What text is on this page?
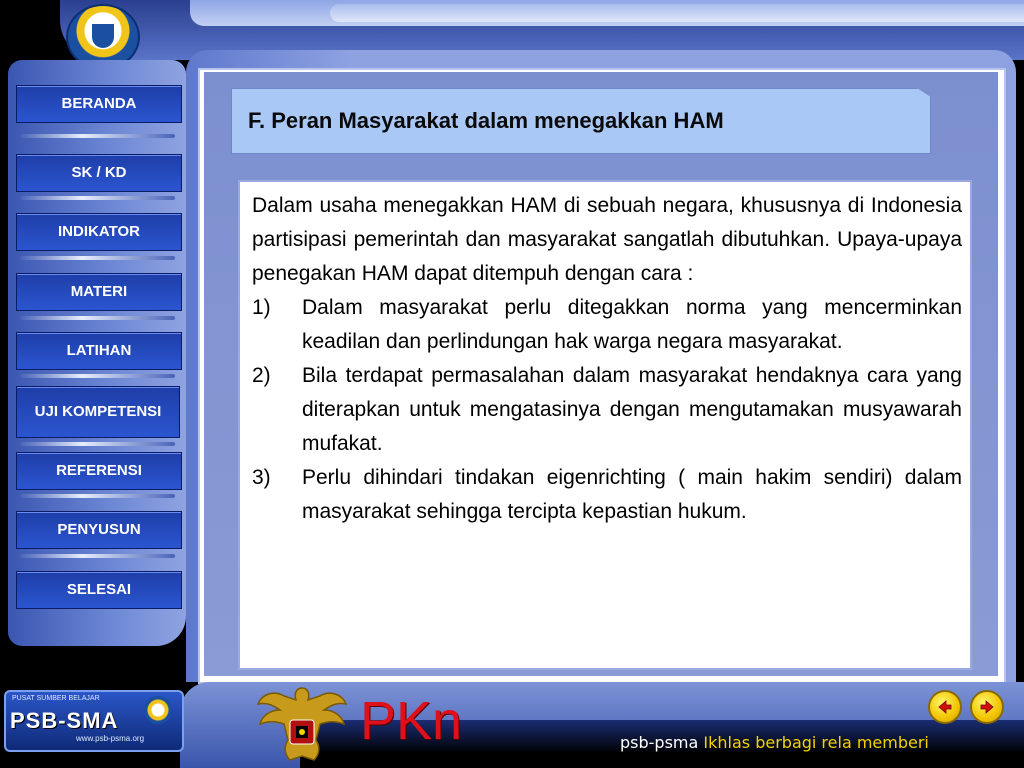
BERANDA
SK / KD
INDIKATOR
MATERI
LATIHAN
UJI KOMPETENSI
REFERENSI
PENYUSUN
SELESAI
F. Peran Masyarakat dalam menegakkan HAM

Dalam usaha menegakkan HAM di sebuah negara, khususnya di Indonesia partisipasi pemerintah dan masyarakat sangatlah dibutuhkan. Upaya-upaya penegakan HAM dapat ditempuh dengan cara :

1)	Dalam masyarakat perlu ditegakkan norma yang mencerminkan keadilan dan perlindungan hak warga negara masyarakat.
2)	Bila terdapat permasalahan dalam masyarakat hendaknya cara yang diterapkan untuk mengatasinya dengan mengutamakan musyawarah mufakat.
3)	Perlu dihindari tindakan eigenrichting ( main hakim sendiri) dalam masyarakat sehingga tercipta kepastian hukum.
PUSAT SUMBER BELAJAR
PSB-SMA
www.psb-psma.org	PKn	psb-psma Ikhlas berbagi rela memberi
